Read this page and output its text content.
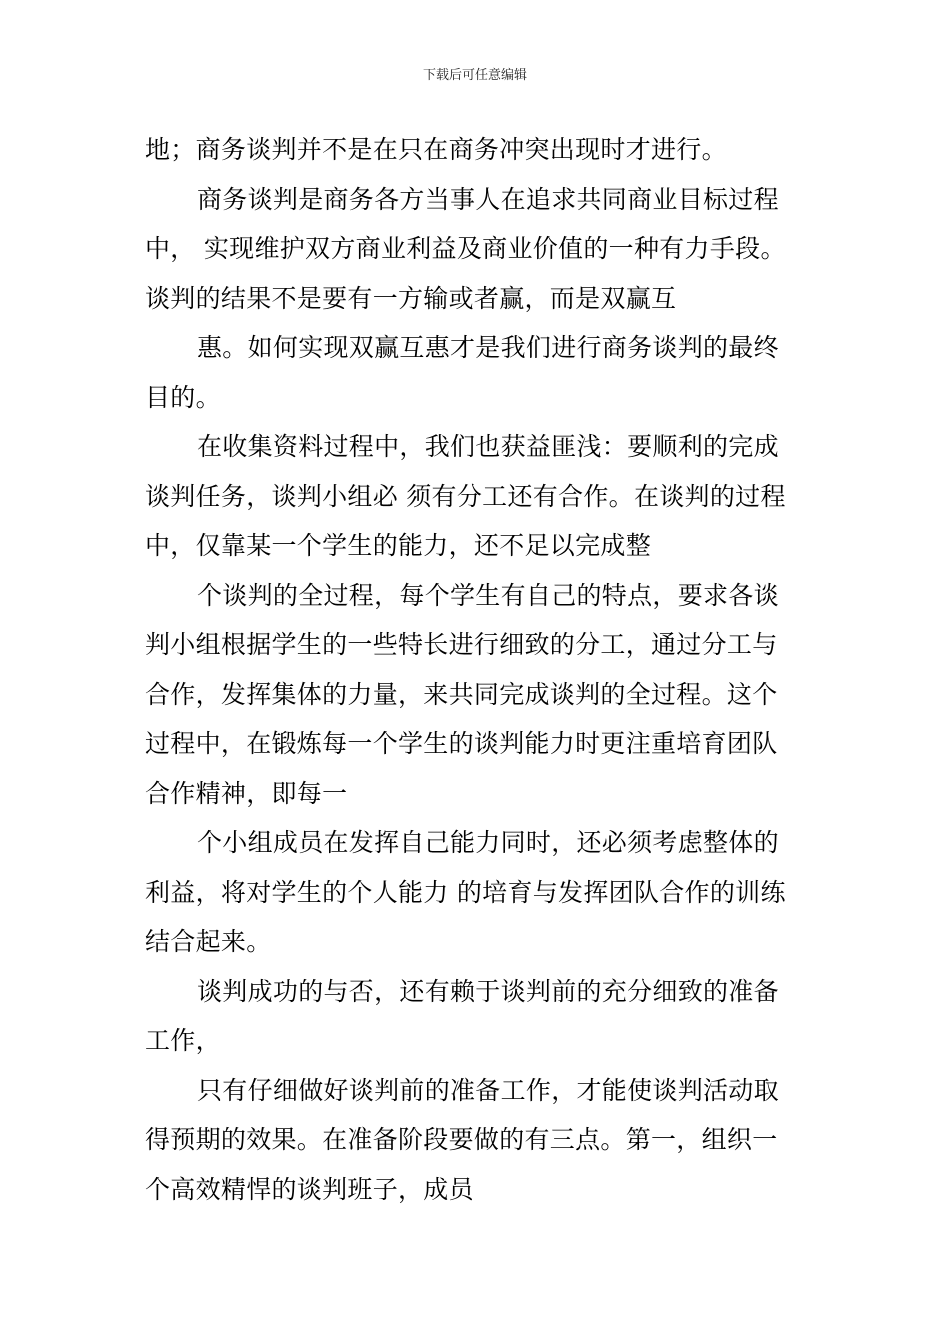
下载后可任意编辑
地；商务谈判并不是在只在商务冲突出现时才进行。
商务谈判是商务各方当事人在追求共同商业目标过程
中， 实现维护双方商业利益及商业价值的一种有力手段。
谈判的结果不是要有一方输或者赢，而是双赢互
惠。如何实现双赢互惠才是我们进行商务谈判的最终
目的。
在收集资料过程中，我们也获益匪浅：要顺利的完成
谈判任务，谈判小组必 须有分工还有合作。在谈判的过程
中，仅靠某一个学生的能力，还不足以完成整
个谈判的全过程，每个学生有自己的特点，要求各谈
判小组根据学生的一些特长进行细致的分工，通过分工与
合作，发挥集体的力量，来共同完成谈判的全过程。这个
过程中，在锻炼每一个学生的谈判能力时更注重培育团队
合作精神，即每一
个小组成员在发挥自己能力同时，还必须考虑整体的
利益，将对学生的个人能力 的培育与发挥团队合作的训练
结合起来。
谈判成功的与否，还有赖于谈判前的充分细致的准备
工作，
只有仔细做好谈判前的准备工作，才能使谈判活动取
得预期的效果。在准备阶段要做的有三点。第一，组织一
个高效精悍的谈判班子，成员
